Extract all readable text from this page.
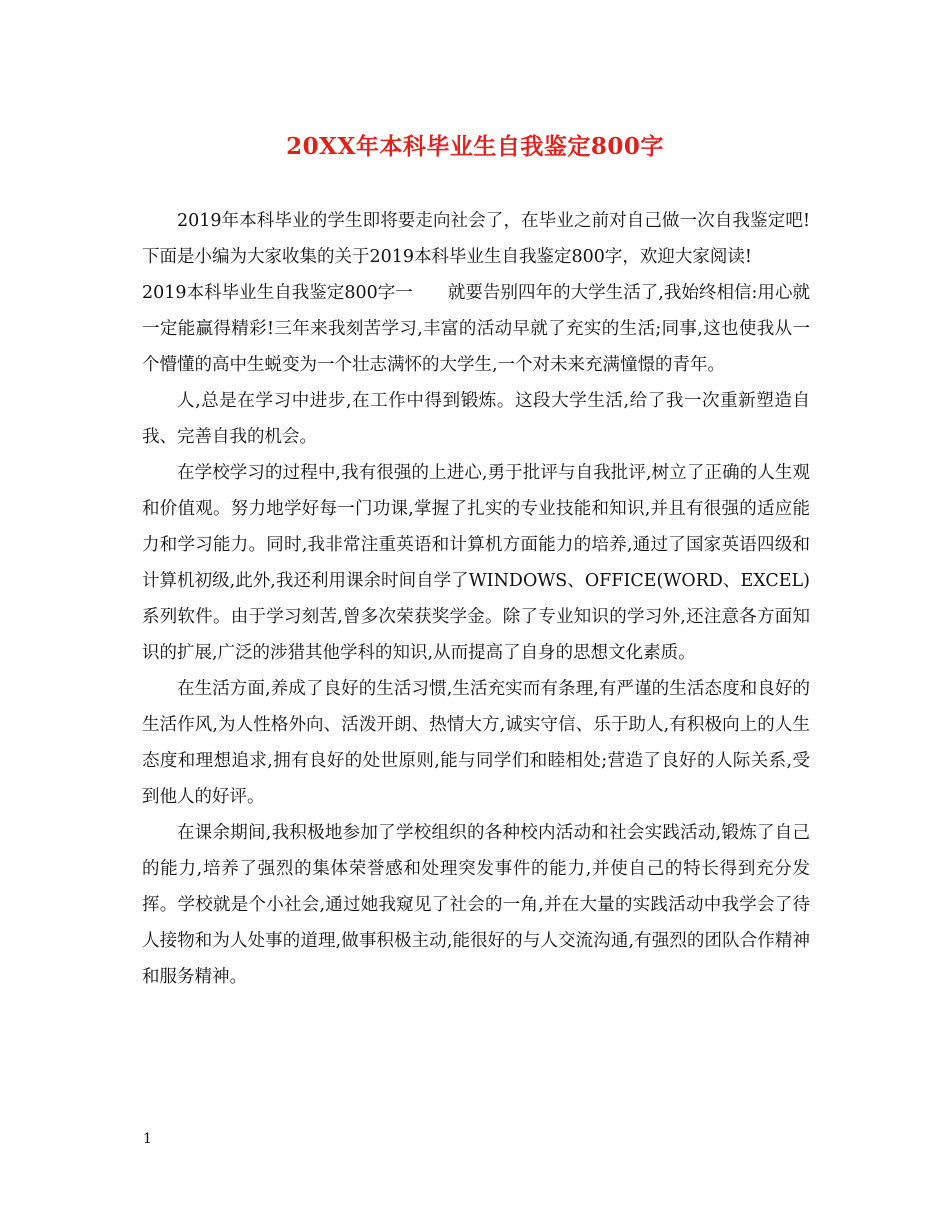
20XX年本科毕业生自我鉴定800字

2019年本科毕业的学生即将要走向社会了，在毕业之前对自己做一次自我鉴定吧!下面是小编为大家收集的关于2019本科毕业生自我鉴定800字，欢迎大家阅读!

2019本科毕业生自我鉴定800字一　　就要告别四年的大学生活了,我始终相信:用心就一定能赢得精彩!三年来我刻苦学习,丰富的活动早就了充实的生活;同事,这也使我从一个懵懂的高中生蜕变为一个壮志满怀的大学生,一个对未来充满憧憬的青年。

人,总是在学习中进步,在工作中得到锻炼。这段大学生活,给了我一次重新塑造自我、完善自我的机会。

在学校学习的过程中,我有很强的上进心,勇于批评与自我批评,树立了正确的人生观和价值观。努力地学好每一门功课,掌握了扎实的专业技能和知识,并且有很强的适应能力和学习能力。同时,我非常注重英语和计算机方面能力的培养,通过了国家英语四级和计算机初级,此外,我还利用课余时间自学了WINDOWS、OFFICE(WORD、EXCEL)系列软件。由于学习刻苦,曾多次荣获奖学金。除了专业知识的学习外,还注意各方面知识的扩展,广泛的涉猎其他学科的知识,从而提高了自身的思想文化素质。

在生活方面,养成了良好的生活习惯,生活充实而有条理,有严谨的生活态度和良好的生活作风,为人性格外向、活泼开朗、热情大方,诚实守信、乐于助人,有积极向上的人生态度和理想追求,拥有良好的处世原则,能与同学们和睦相处;营造了良好的人际关系,受到他人的好评。

在课余期间,我积极地参加了学校组织的各种校内活动和社会实践活动,锻炼了自己的能力,培养了强烈的集体荣誉感和处理突发事件的能力,并使自己的特长得到充分发挥。学校就是个小社会,通过她我窥见了社会的一角,并在大量的实践活动中我学会了待人接物和为人处事的道理,做事积极主动,能很好的与人交流沟通,有强烈的团队合作精神和服务精神。

1
